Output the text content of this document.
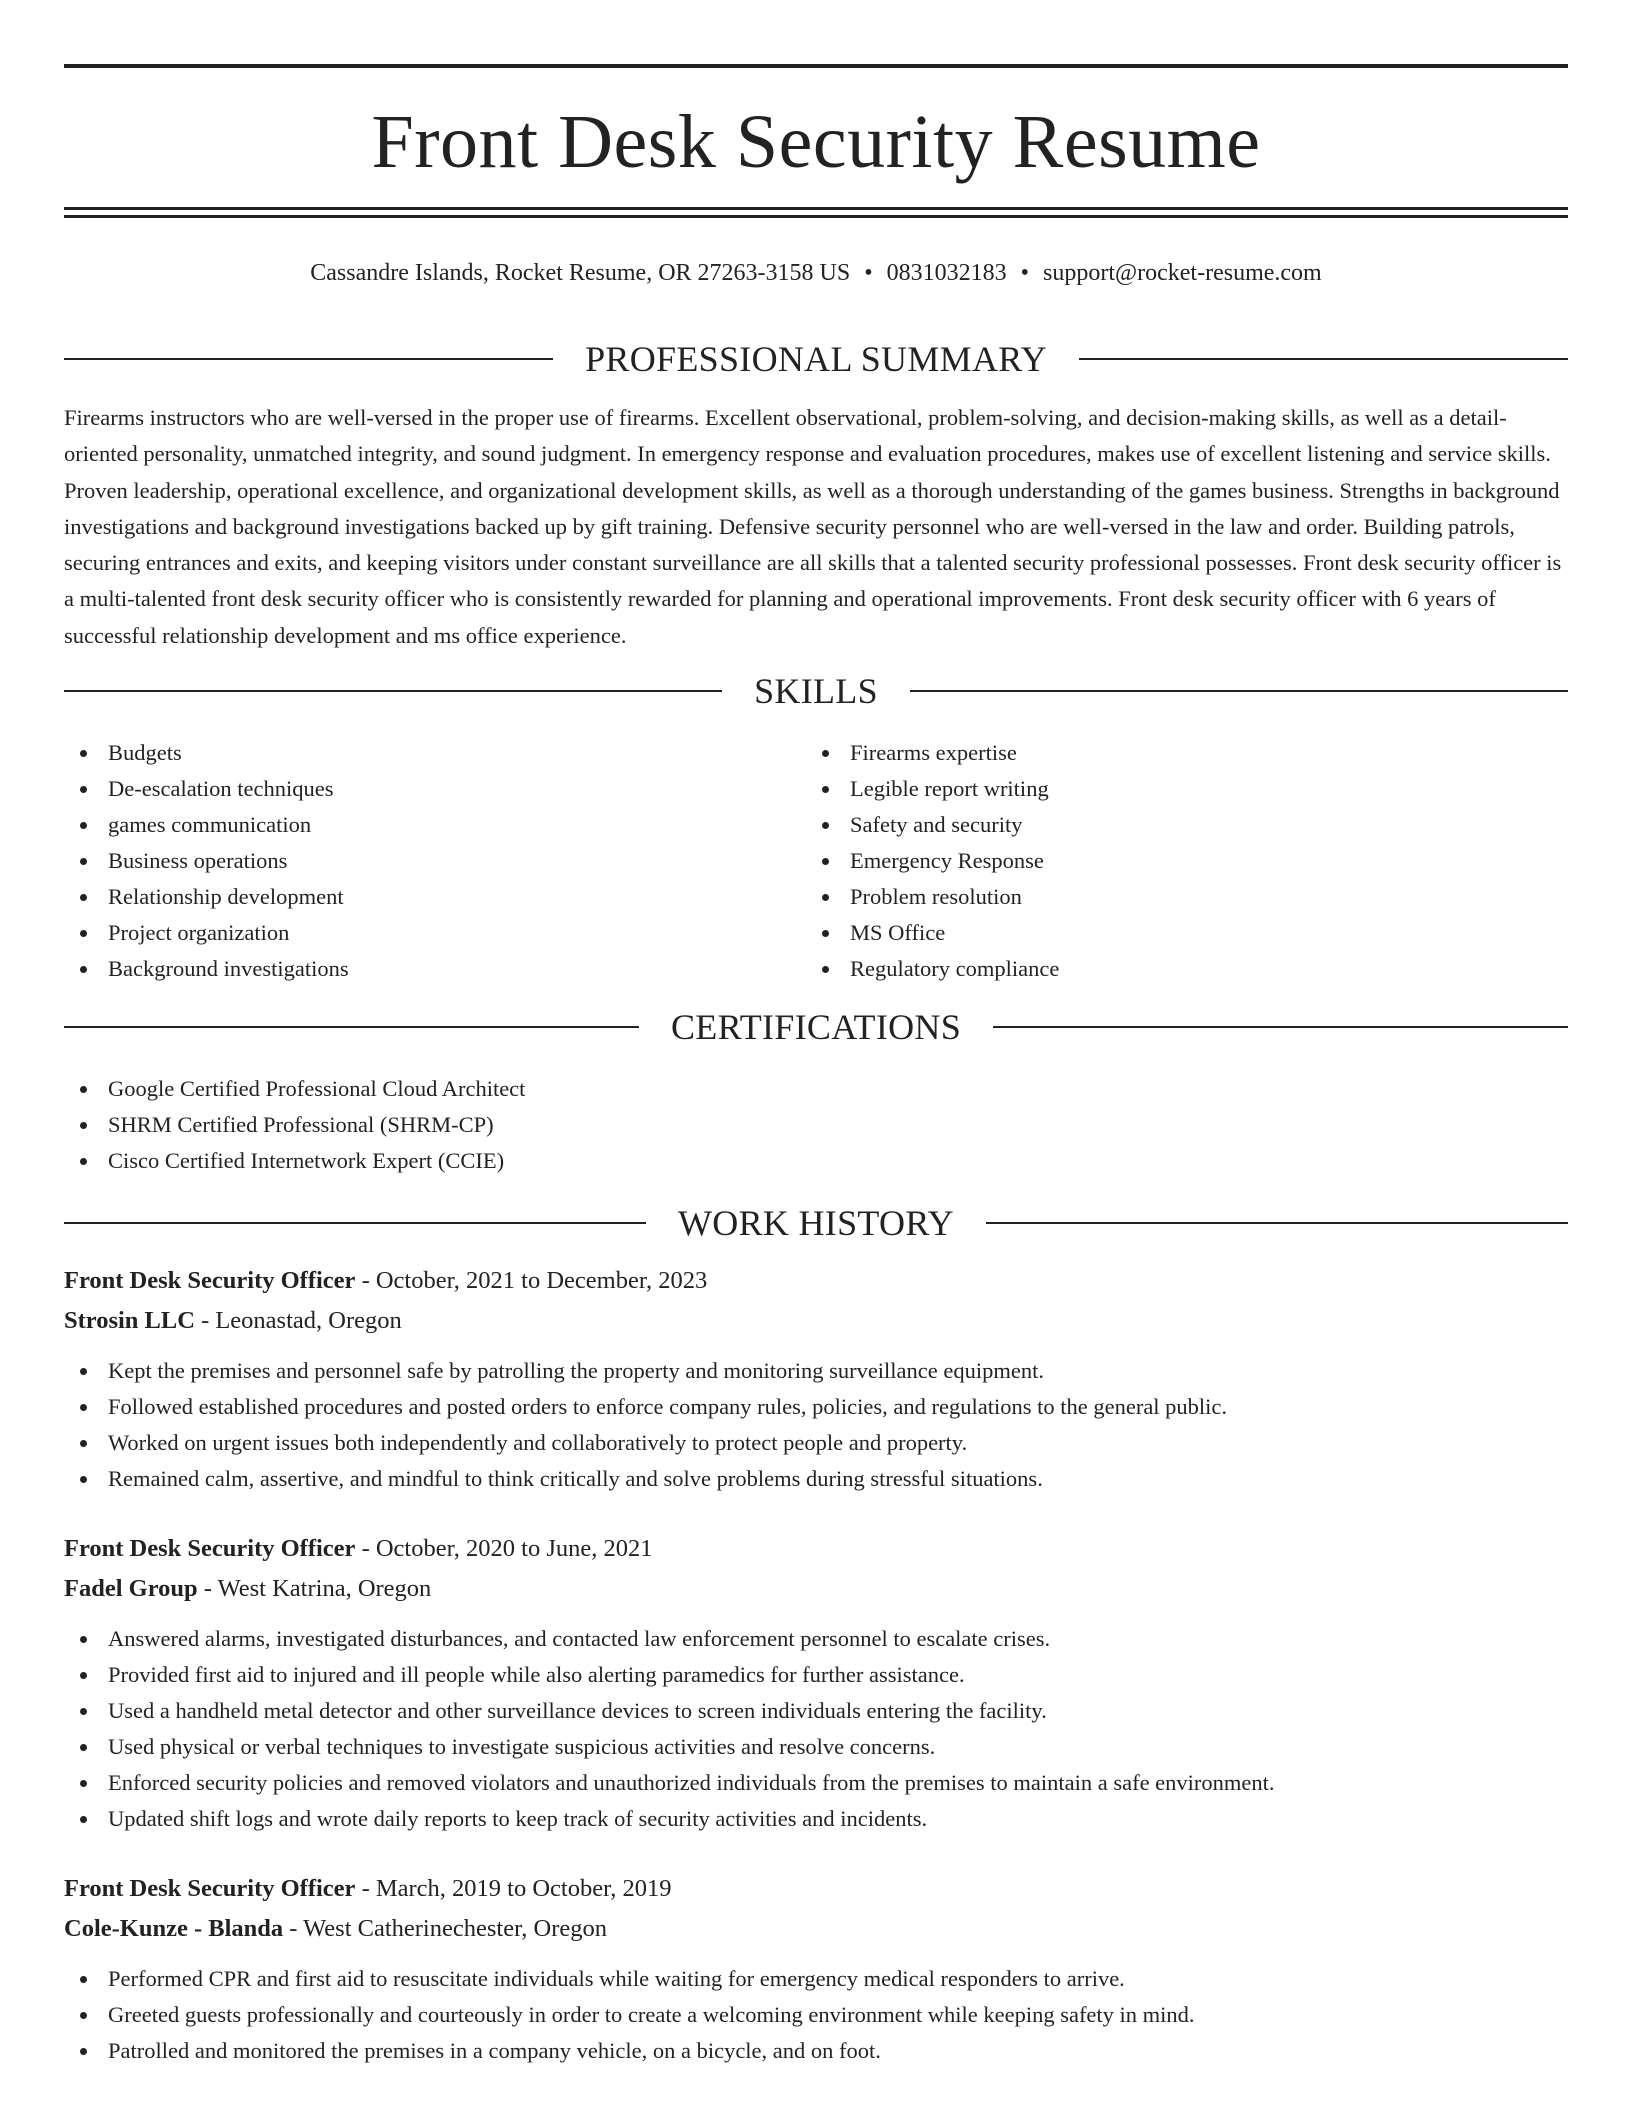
Front Desk Security Resume
Cassandre Islands, Rocket Resume, OR 27263-3158 US • 0831032183 • support@rocket-resume.com
PROFESSIONAL SUMMARY

Firearms instructors who are well-versed in the proper use of firearms. Excellent observational, problem-solving, and decision-making skills, as well as a detail-oriented personality, unmatched integrity, and sound judgment. In emergency response and evaluation procedures, makes use of excellent listening and service skills. Proven leadership, operational excellence, and organizational development skills, as well as a thorough understanding of the games business. Strengths in background investigations and background investigations backed up by gift training. Defensive security personnel who are well-versed in the law and order. Building patrols, securing entrances and exits, and keeping visitors under constant surveillance are all skills that a talented security professional possesses. Front desk security officer is a multi-talented front desk security officer who is consistently rewarded for planning and operational improvements. Front desk security officer with 6 years of successful relationship development and ms office experience.

SKILLS
Budgets
De-escalation techniques
games communication
Business operations
Relationship development
Project organization
Background investigations
Firearms expertise
Legible report writing
Safety and security
Emergency Response
Problem resolution
MS Office
Regulatory compliance
CERTIFICATIONS
Google Certified Professional Cloud Architect
SHRM Certified Professional (SHRM-CP)
Cisco Certified Internetwork Expert (CCIE)
WORK HISTORY
Front Desk Security Officer - October, 2021 to December, 2023
Strosin LLC - Leonastad, Oregon
Kept the premises and personnel safe by patrolling the property and monitoring surveillance equipment.
Followed established procedures and posted orders to enforce company rules, policies, and regulations to the general public.
Worked on urgent issues both independently and collaboratively to protect people and property.
Remained calm, assertive, and mindful to think critically and solve problems during stressful situations.
Front Desk Security Officer - October, 2020 to June, 2021
Fadel Group - West Katrina, Oregon
Answered alarms, investigated disturbances, and contacted law enforcement personnel to escalate crises.
Provided first aid to injured and ill people while also alerting paramedics for further assistance.
Used a handheld metal detector and other surveillance devices to screen individuals entering the facility.
Used physical or verbal techniques to investigate suspicious activities and resolve concerns.
Enforced security policies and removed violators and unauthorized individuals from the premises to maintain a safe environment.
Updated shift logs and wrote daily reports to keep track of security activities and incidents.
Front Desk Security Officer - March, 2019 to October, 2019
Cole-Kunze - Blanda - West Catherinechester, Oregon
Performed CPR and first aid to resuscitate individuals while waiting for emergency medical responders to arrive.
Greeted guests professionally and courteously in order to create a welcoming environment while keeping safety in mind.
Patrolled and monitored the premises in a company vehicle, on a bicycle, and on foot.
